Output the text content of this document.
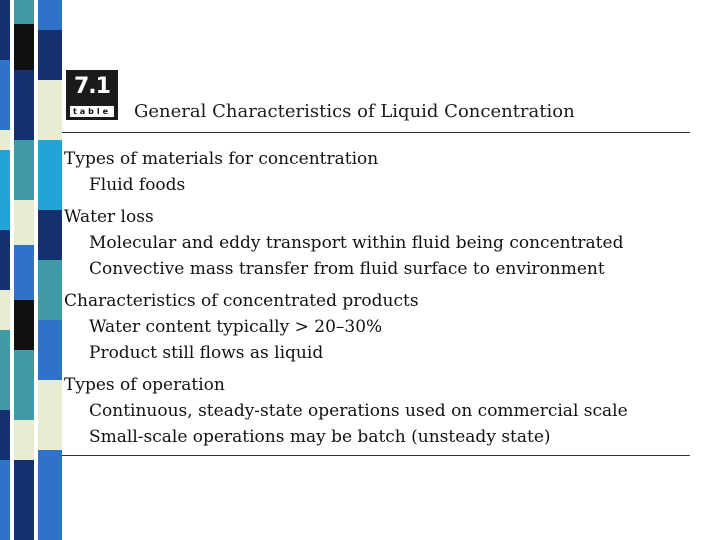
7.1
table General Characteristics of Liquid Concentration
Types of materials for concentration
Fluid foods
Water loss
Molecular and eddy transport within fluid being concentrated
Convective mass transfer from fluid surface to environment
Characteristics of concentrated products
Water content typically > 20–30%
Product still flows as liquid
Types of operation
Continuous, steady-state operations used on commercial scale
Small-scale operations may be batch (unsteady state)
